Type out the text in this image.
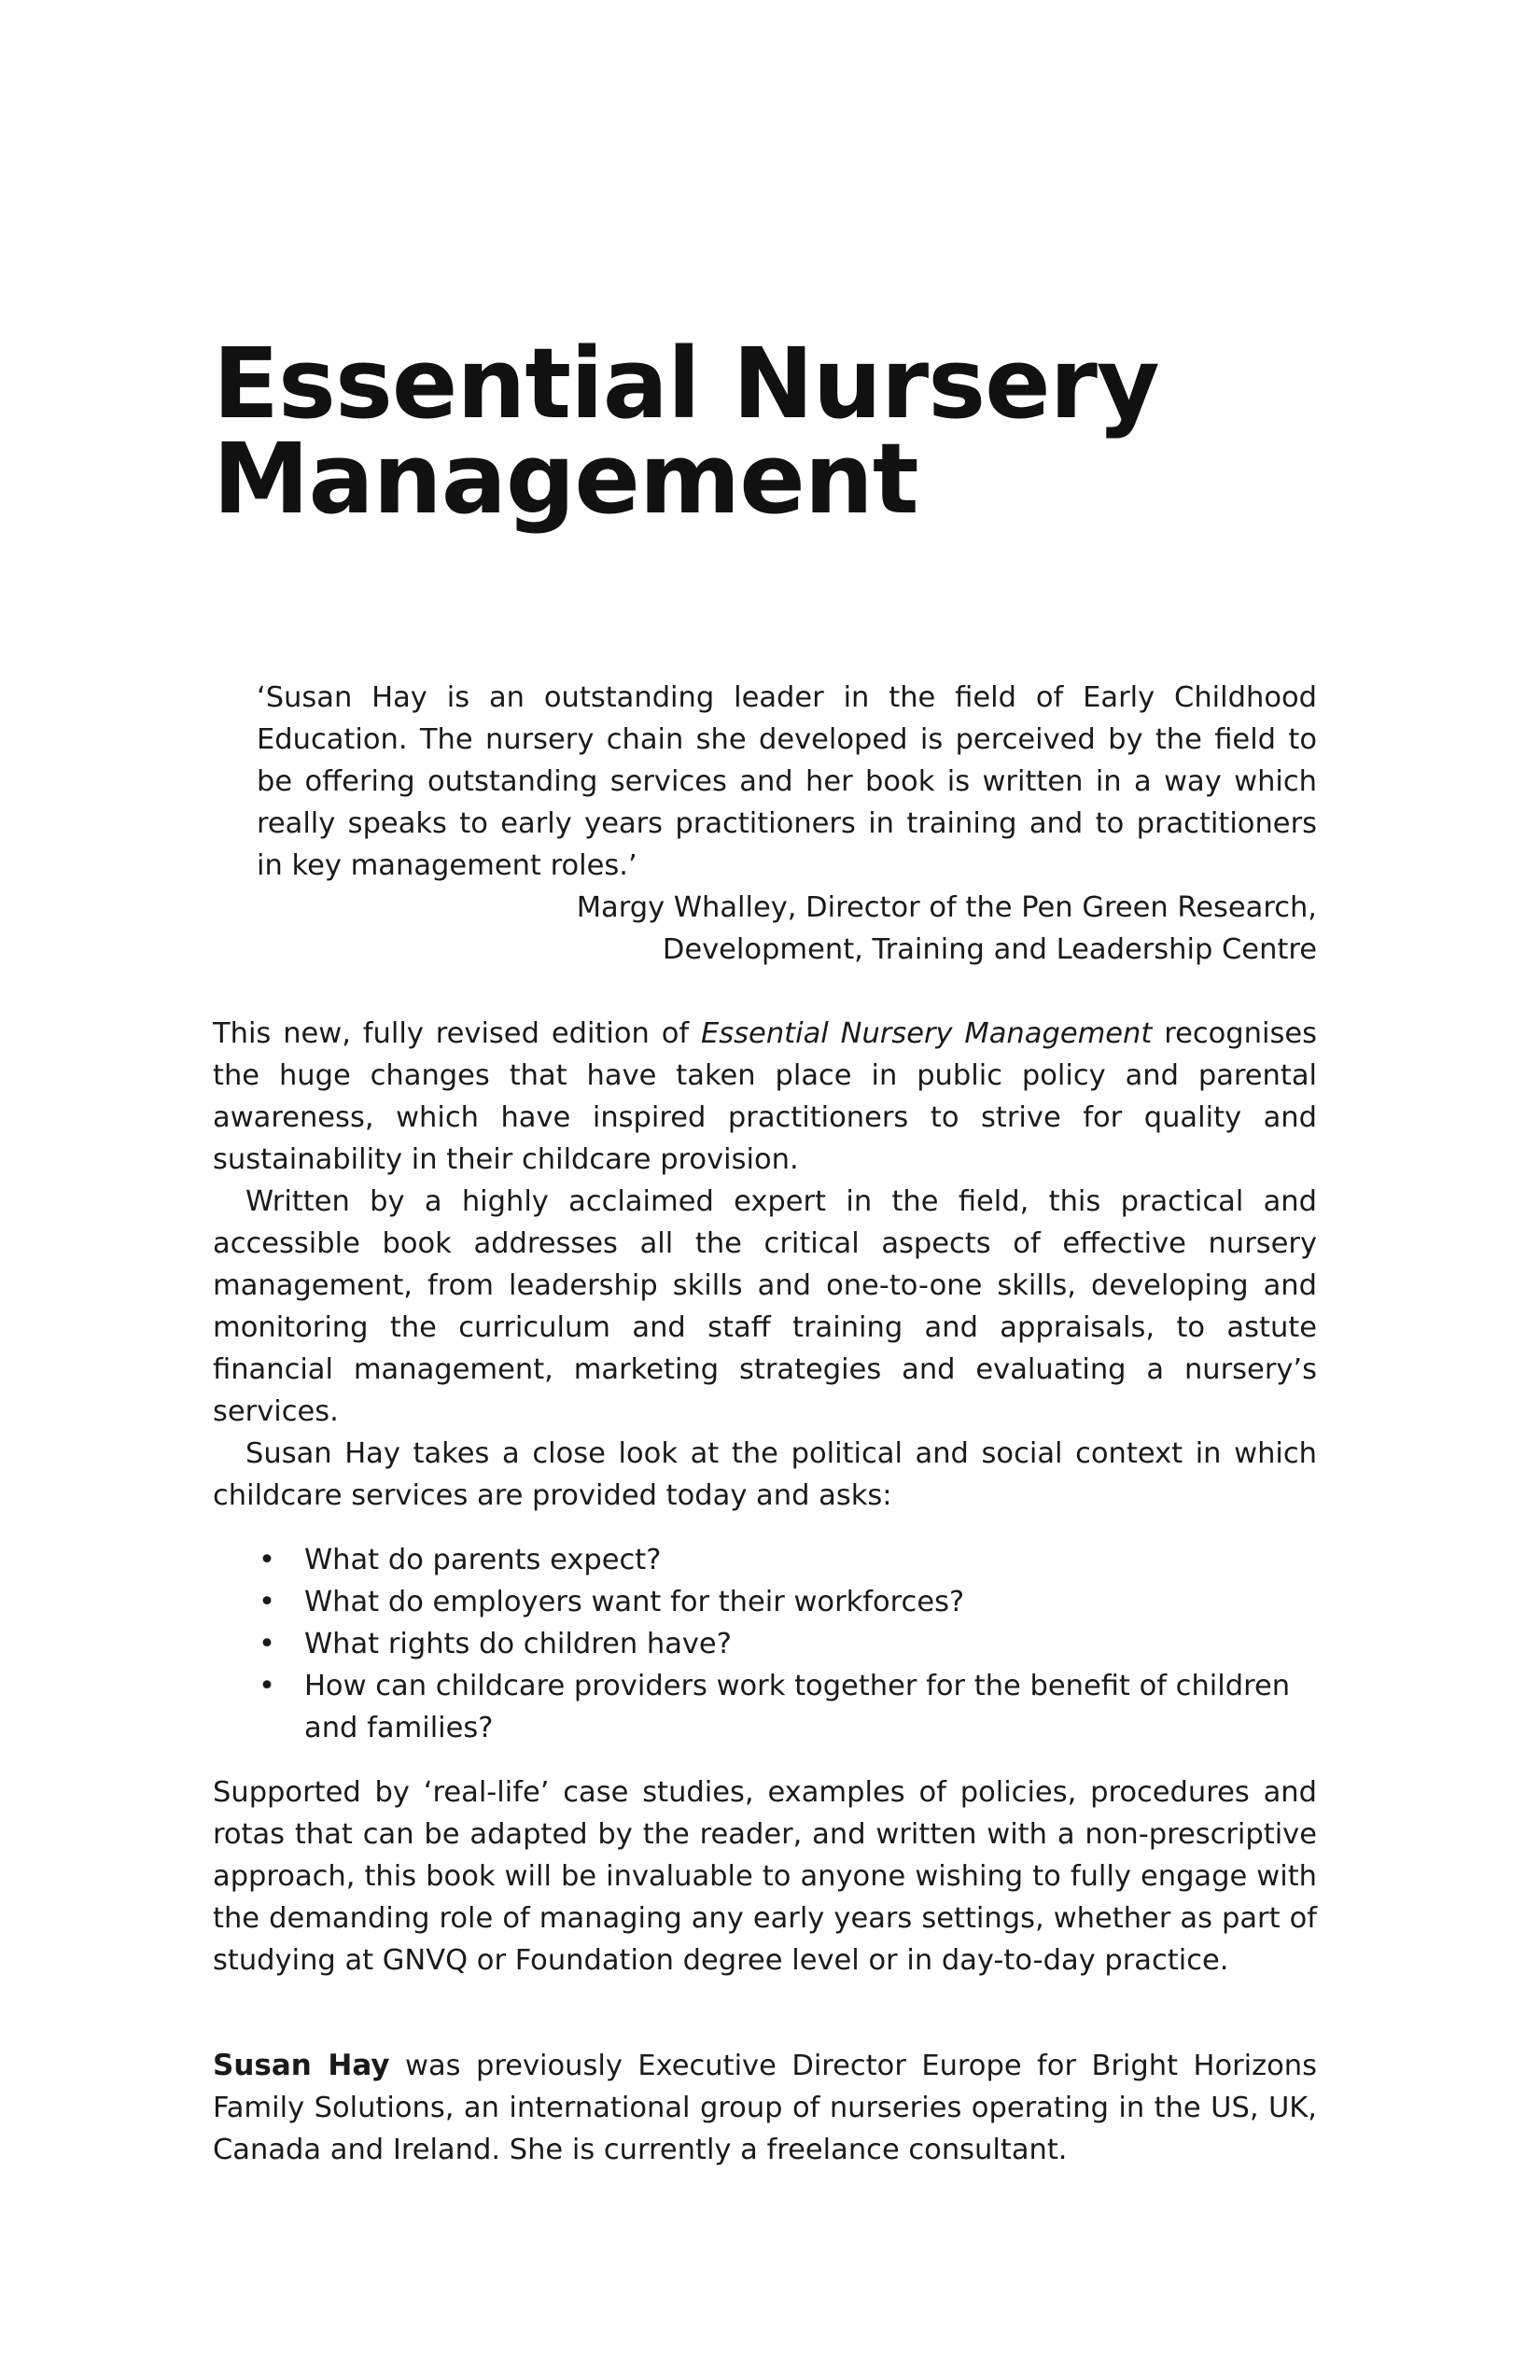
Essential Nursery
Management

‘Susan Hay is an outstanding leader in the field of Early Childhood Education. The nursery chain she developed is perceived by the field to be offering outstanding services and her book is written in a way which really speaks to early years practitioners in training and to practitioners in key management roles.’

Margy Whalley, Director of the Pen Green Research,
Development, Training and Leadership Centre

This new, fully revised edition of Essential Nursery Management recognises the huge changes that have taken place in public policy and parental awareness, which have inspired practitioners to strive for quality and sustainability in their childcare provision.

Written by a highly acclaimed expert in the field, this practical and accessible book addresses all the critical aspects of effective nursery management, from leadership skills and one-to-one skills, developing and monitoring the curriculum and staff training and appraisals, to astute financial management, marketing strategies and evaluating a nursery’s services.

Susan Hay takes a close look at the political and social context in which childcare services are provided today and asks:

• What do parents expect?
• What do employers want for their workforces?
• What rights do children have?
• How can childcare providers work together for the benefit of children and families?

Supported by ‘real-life’ case studies, examples of policies, procedures and rotas that can be adapted by the reader, and written with a non-prescriptive approach, this book will be invaluable to anyone wishing to fully engage with the demanding role of managing any early years settings, whether as part of studying at GNVQ or Foundation degree level or in day-to-day practice.

Susan Hay was previously Executive Director Europe for Bright Horizons Family Solutions, an international group of nurseries operating in the US, UK, Canada and Ireland. She is currently a freelance consultant.
